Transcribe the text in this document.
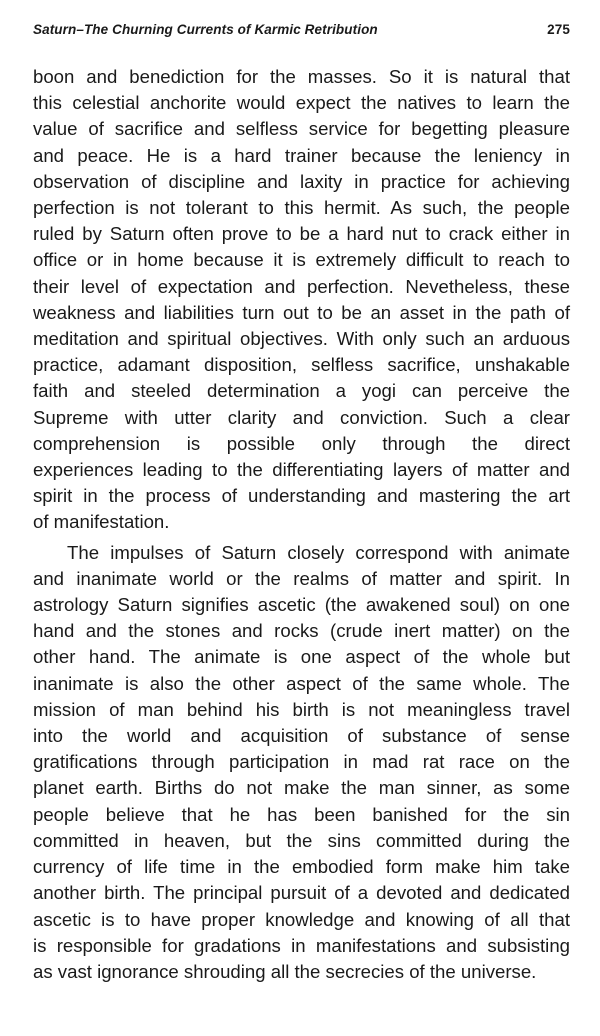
Saturn–The Churning Currents of Karmic Retribution	275
boon and benediction for the masses. So it is natural that
this celestial anchorite would expect the natives to learn the
value of sacrifice and selfless service for begetting pleasure
and peace. He is a hard trainer because the leniency in
observation of discipline and laxity in practice for achieving
perfection is not tolerant to this hermit. As such, the people
ruled by Saturn often prove to be a hard nut to crack either in
office or in home because it is extremely difficult to reach to
their level of expectation and perfection. Nevetheless, these
weakness and liabilities turn out to be an asset in the path of
meditation and spiritual objectives. With only such an arduous
practice, adamant disposition, selfless sacrifice, unshakable
faith and steeled determination a yogi can perceive the
Supreme with utter clarity and conviction. Such a clear
comprehension is possible only through the direct
experiences leading to the differentiating layers of matter and
spirit in the process of understanding and mastering the art
of manifestation.
The impulses of Saturn closely correspond with animate
and inanimate world or the realms of matter and spirit. In
astrology Saturn signifies ascetic (the awakened soul) on one
hand and the stones and rocks (crude inert matter) on the
other hand. The animate is one aspect of the whole but
inanimate is also the other aspect of the same whole. The
mission of man behind his birth is not meaningless travel
into the world and acquisition of substance of sense
gratifications through participation in mad rat race on the
planet earth. Births do not make the man sinner, as some
people believe that he has been banished for the sin
committed in heaven, but the sins committed during the
currency of life time in the embodied form make him take
another birth. The principal pursuit of a devoted and dedicated
ascetic is to have proper knowledge and knowing of all that
is responsible for gradations in manifestations and subsisting
as vast ignorance shrouding all the secrecies of the universe.
